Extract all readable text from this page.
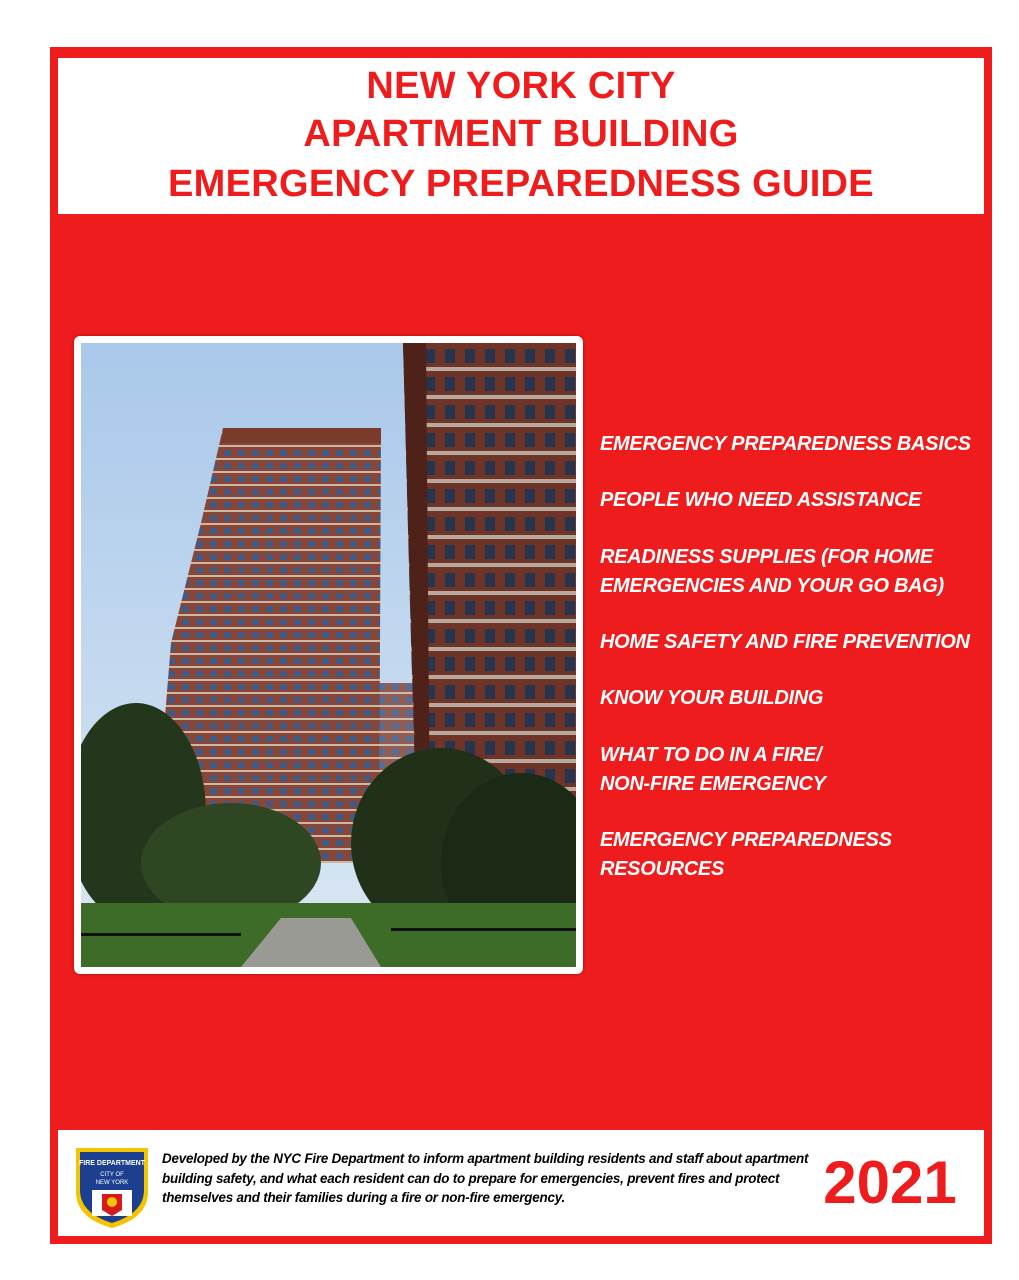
NEW YORK CITY
APARTMENT BUILDING
EMERGENCY PREPAREDNESS GUIDE
EMERGENCY PREPAREDNESS BASICS
PEOPLE WHO NEED ASSISTANCE
READINESS SUPPLIES (FOR HOME
EMERGENCIES AND YOUR GO BAG)
HOME SAFETY AND FIRE PREVENTION
KNOW YOUR BUILDING
WHAT TO DO IN A FIRE/
NON-FIRE EMERGENCY
EMERGENCY PREPAREDNESS
RESOURCES
FIRE DEPARTMENT
CITY OF
NEW YORK
Developed by the NYC Fire Department to inform apartment building residents and staff about apartment building safety, and what each resident can do to prepare for emergencies, prevent fires and protect themselves and their families during a fire or non-fire emergency.	2021
